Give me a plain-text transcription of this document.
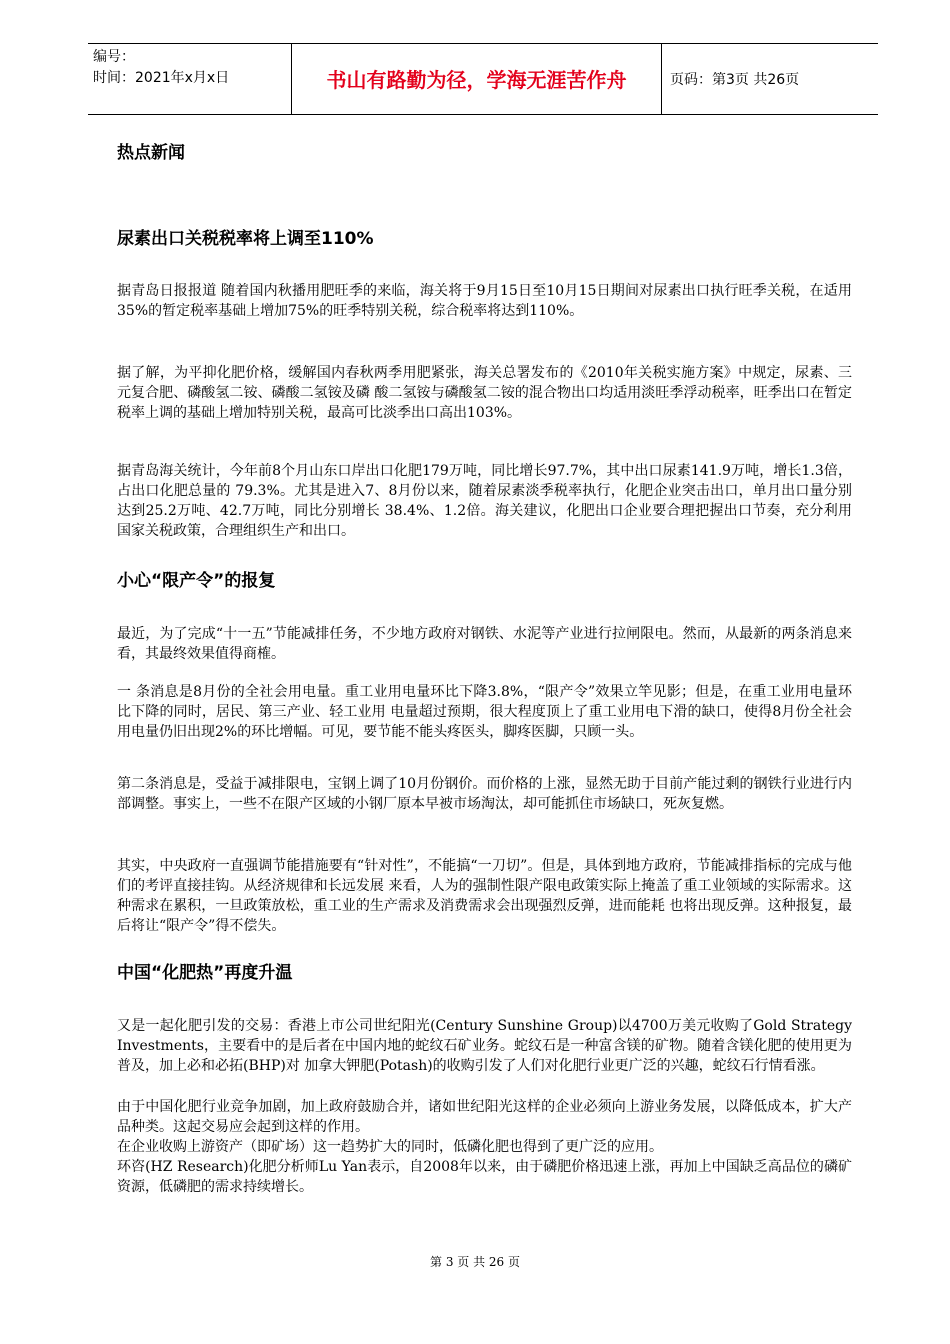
编号：
时间：2021年x月x日	书山有路勤为径，学海无涯苦作舟	页码：第3页 共26页
热点新闻
尿素出口关税税率将上调至110%

据青岛日报报道 随着国内秋播用肥旺季的来临，海关将于9月15日至10月15日期间对尿素出口执行旺季关税，在适用35%的暂定税率基础上增加75%的旺季特别关税，综合税率将达到110%。

据了解，为平抑化肥价格，缓解国内春秋两季用肥紧张，海关总署发布的《2010年关税实施方案》中规定，尿素、三元复合肥、磷酸氢二铵、磷酸二氢铵及磷 酸二氢铵与磷酸氢二铵的混合物出口均适用淡旺季浮动税率，旺季出口在暂定税率上调的基础上增加特别关税，最高可比淡季出口高出103%。

据青岛海关统计，今年前8个月山东口岸出口化肥179万吨，同比增长97.7%，其中出口尿素141.9万吨，增长1.3倍，占出口化肥总量的 79.3%。尤其是进入7、8月份以来，随着尿素淡季税率执行，化肥企业突击出口，单月出口量分别达到25.2万吨、42.7万吨，同比分别增长 38.4%、1.2倍。海关建议，化肥出口企业要合理把握出口节奏，充分利用国家关税政策，合理组织生产和出口。

小心“限产令”的报复

最近，为了完成“十一五”节能减排任务，不少地方政府对钢铁、水泥等产业进行拉闸限电。然而，从最新的两条消息来看，其最终效果值得商榷。

一 条消息是8月份的全社会用电量。重工业用电量环比下降3.8%，“限产令”效果立竿见影；但是，在重工业用电量环比下降的同时，居民、第三产业、轻工业用 电量超过预期，很大程度顶上了重工业用电下滑的缺口，使得8月份全社会用电量仍旧出现2%的环比增幅。可见，要节能不能头疼医头，脚疼医脚，只顾一头。

第二条消息是，受益于减排限电，宝钢上调了10月份钢价。而价格的上涨，显然无助于目前产能过剩的钢铁行业进行内部调整。事实上，一些不在限产区域的小钢厂原本早被市场淘汰，却可能抓住市场缺口，死灰复燃。

其实，中央政府一直强调节能措施要有“针对性”，不能搞“一刀切”。但是，具体到地方政府，节能减排指标的完成与他们的考评直接挂钩。从经济规律和长远发展 来看，人为的强制性限产限电政策实际上掩盖了重工业领域的实际需求。这种需求在累积，一旦政策放松，重工业的生产需求及消费需求会出现强烈反弹，进而能耗 也将出现反弹。这种报复，最后将让“限产令”得不偿失。

中国“化肥热”再度升温

又是一起化肥引发的交易：香港上市公司世纪阳光(Century Sunshine Group)以4700万美元收购了Gold Strategy Investments，主要看中的是后者在中国内地的蛇纹石矿业务。蛇纹石是一种富含镁的矿物。随着含镁化肥的使用更为普及，加上必和必拓(BHP)对 加拿大钾肥(Potash)的收购引发了人们对化肥行业更广泛的兴趣，蛇纹石行情看涨。

由于中国化肥行业竞争加剧，加上政府鼓励合并，诸如世纪阳光这样的企业必须向上游业务发展，以降低成本，扩大产品种类。这起交易应会起到这样的作用。

在企业收购上游资产（即矿场）这一趋势扩大的同时，低磷化肥也得到了更广泛的应用。

环咨(HZ Research)化肥分析师Lu Yan表示，自2008年以来，由于磷肥价格迅速上涨，再加上中国缺乏高品位的磷矿资源，低磷肥的需求持续增长。

第 3 页 共 26 页
